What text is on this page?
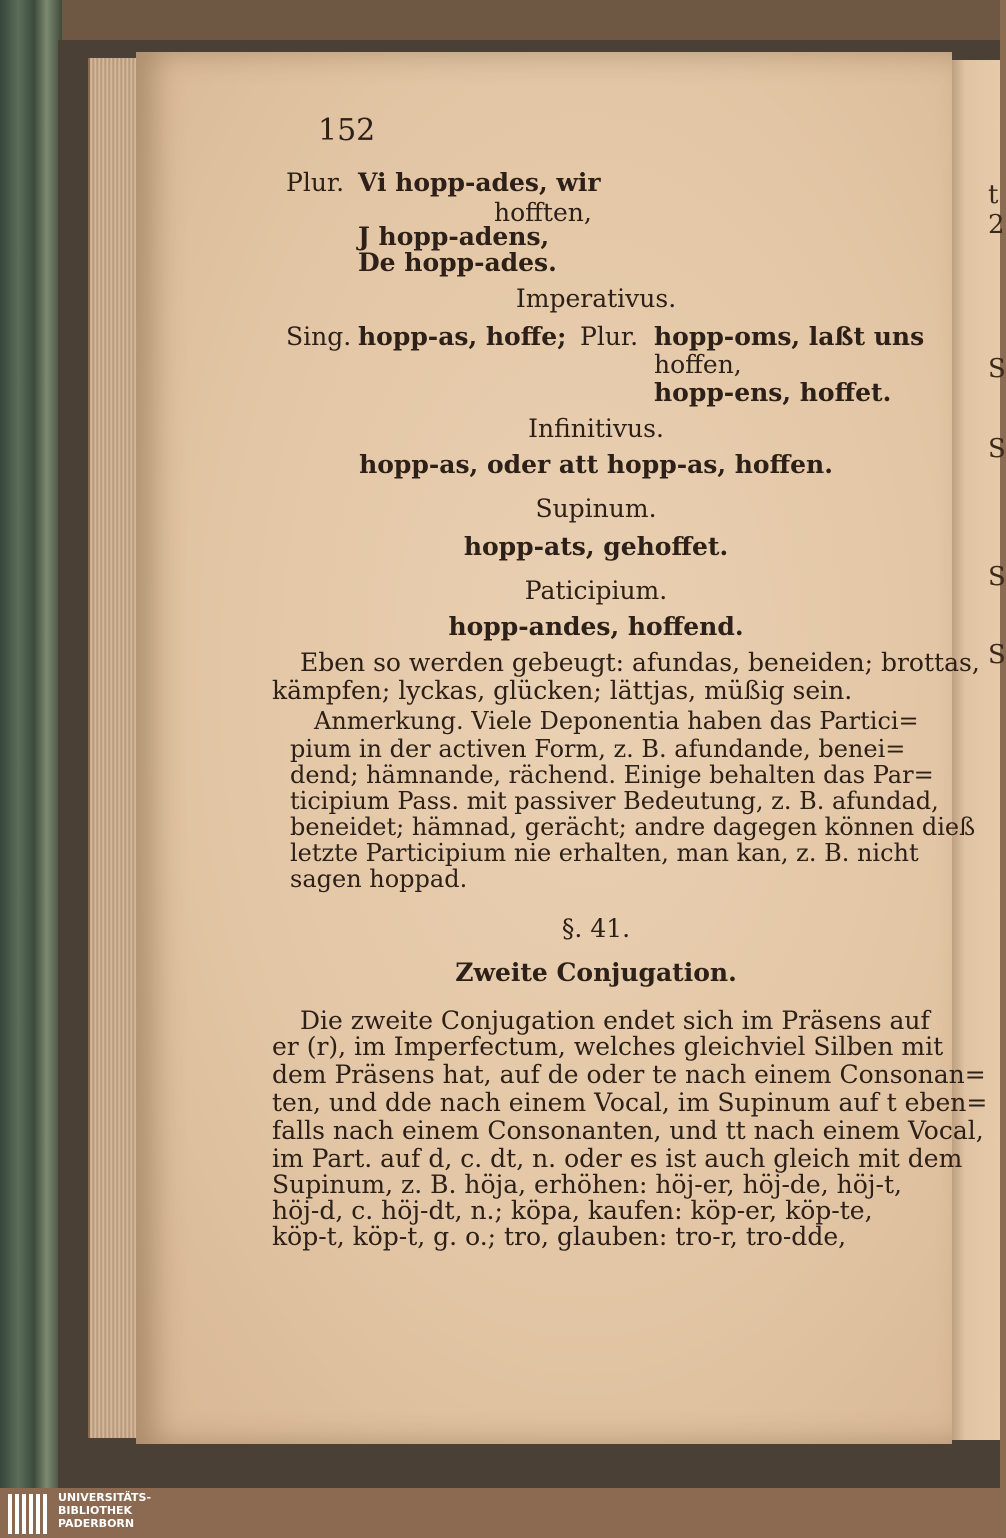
t
2
S
S
S
S
152
Plur. Vi hopp-ades, wir
hofften,
J hopp-adens,
De hopp-ades.
Imperativus.
Sing. hopp-as, hoffe; Plur. hopp-oms, laßt uns
hoffen,
hopp-ens, hoffet.
Infinitivus.
hopp-as, oder att hopp-as, hoffen.
Supinum.
hopp-ats, gehoffet.
Paticipium.
hopp-andes, hoffend.
Eben so werden gebeugt: afundas, beneiden; brottas,
kämpfen; lyckas, glücken; lättjas, müßig sein.
Anmerkung. Viele Deponentia haben das Partici=
pium in der activen Form, z. B. afundande, benei=
dend; hämnande, rächend. Einige behalten das Par=
ticipium Pass. mit passiver Bedeutung, z. B. afundad,
beneidet; hämnad, gerächt; andre dagegen können dieß
letzte Participium nie erhalten, man kan, z. B. nicht
sagen hoppad.
§. 41.
Zweite Conjugation.
Die zweite Conjugation endet sich im Präsens auf
er (r), im Imperfectum, welches gleichviel Silben mit
dem Präsens hat, auf de oder te nach einem Consonan=
ten, und dde nach einem Vocal, im Supinum auf t eben=
falls nach einem Consonanten, und tt nach einem Vocal,
im Part. auf d, c. dt, n. oder es ist auch gleich mit dem
Supinum, z. B. höja, erhöhen: höj-er, höj-de, höj-t,
höj-d, c. höj-dt, n.; köpa, kaufen: köp-er, köp-te,
köp-t, köp-t, g. o.; tro, glauben: tro-r, tro-dde,
UNIVERSITÄTS-
BIBLIOTHEK
PADERBORN
